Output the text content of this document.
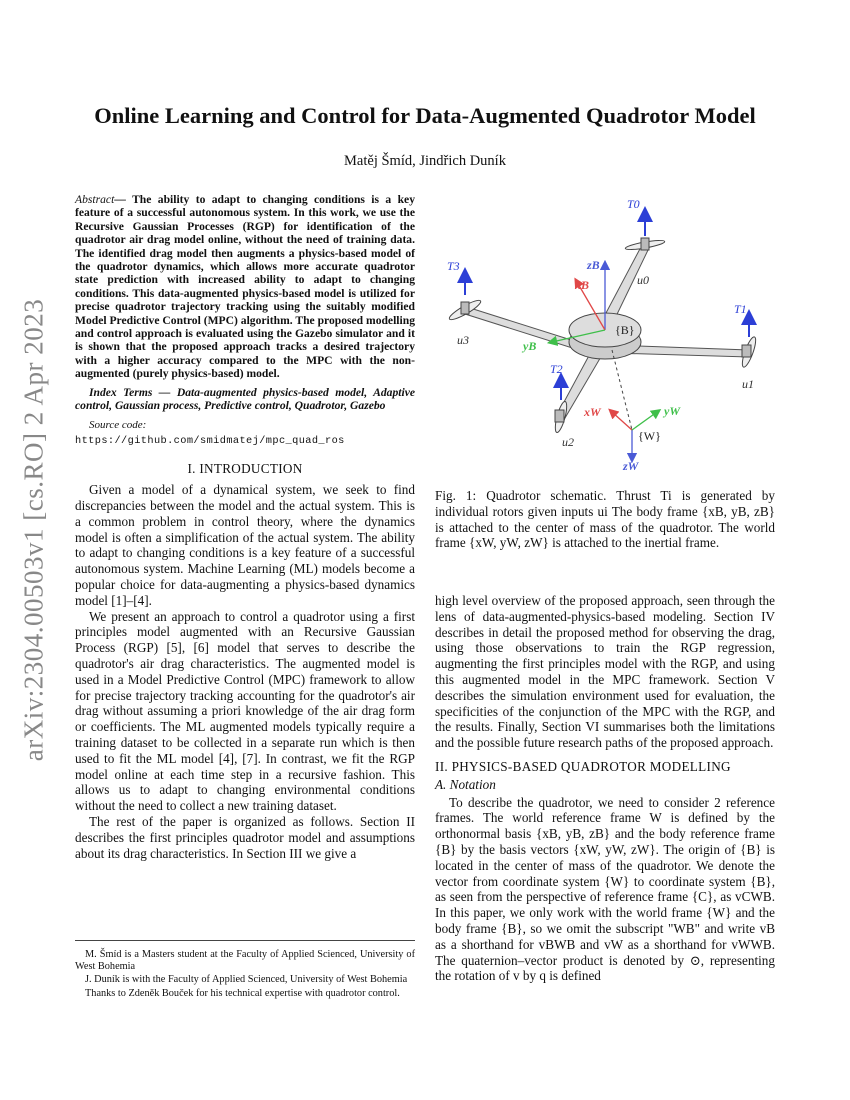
arXiv:2304.00503v1 [cs.RO] 2 Apr 2023
Online Learning and Control for Data-Augmented Quadrotor Model
Matěj Šmíd, Jindřich Duník
Abstract— The ability to adapt to changing conditions is a key feature of a successful autonomous system. In this work, we use the Recursive Gaussian Processes (RGP) for identification of the quadrotor air drag model online, without the need of training data. The identified drag model then augments a physics-based model of the quadrotor dynamics, which allows more accurate quadrotor state prediction with increased ability to adapt to changing conditions. This data-augmented physics-based model is utilized for precise quadrotor trajectory tracking using the suitably modified Model Predictive Control (MPC) algorithm. The proposed modelling and control approach is evaluated using the Gazebo simulator and it is shown that the proposed approach tracks a desired trajectory with a higher accuracy compared to the MPC with the non-augmented (purely physics-based) model.
Index Terms — Data-augmented physics-based model, Adaptive control, Gaussian process, Predictive control, Quadrotor, Gazebo
Source code: https://github.com/smidmatej/mpc_quad_ros
I. INTRODUCTION

Given a model of a dynamical system, we seek to find discrepancies between the model and the actual system. This is a common problem in control theory, where the dynamics model is often a simplification of the actual system. The ability to adapt to changing conditions is a key feature of a successful autonomous system. Machine Learning (ML) models become a popular choice for data-augmenting a physics-based dynamics model [1]–[4].

We present an approach to control a quadrotor using a first principles model augmented with an Recursive Gaussian Process (RGP) [5], [6] model that serves to describe the quadrotor's air drag characteristics. The augmented model is used in a Model Predictive Control (MPC) framework to allow for precise trajectory tracking accounting for the quadrotor's air drag without assuming a priori knowledge of the air drag form or coefficients. The ML augmented models typically require a training dataset to be collected in a separate run which is then used to fit the ML model [4], [7]. In contrast, we fit the RGP model online at each time step in a recursive fashion. This allows us to adapt to changing environmental conditions without the need to collect a new training dataset.

The rest of the paper is organized as follows. Section II describes the first principles quadrotor model and assumptions about its drag characteristics. In Section III we give a

M. Šmíd is a Masters student at the Faculty of Applied Scienced, University of West Bohemia

J. Duník is with the Faculty of Applied Scienced, University of West Bohemia

Thanks to Zdeněk Bouček for his technical expertise with quadrotor control.

T0
T1
T2
T3
u0
u1
u2
u3
zB
xB
yB
{B}
xW	yW
zW
{W}
Fig. 1: Quadrotor schematic. Thrust Ti is generated by individual rotors given inputs ui The body frame {xB, yB, zB} is attached to the center of mass of the quadrotor. The world frame {xW, yW, zW} is attached to the inertial frame.

high level overview of the proposed approach, seen through the lens of data-augmented-physics-based modeling. Section IV describes in detail the proposed method for observing the drag, using those observations to train the RGP regression, augmenting the first principles model with the RGP, and using this augmented model in the MPC framework. Section V describes the simulation environment used for evaluation, the specificities of the conjunction of the MPC with the RGP, and the results. Finally, Section VI summarises both the limitations and the possible future research paths of the proposed approach.

II. PHYSICS-BASED QUADROTOR MODELLING
A. Notation

To describe the quadrotor, we need to consider 2 reference frames. The world reference frame W is defined by the orthonormal basis {xB, yB, zB} and the body reference frame {B} by the basis vectors {xW, yW, zW}. The origin of {B} is located in the center of mass of the quadrotor. We denote the vector from coordinate system {W} to coordinate system {B}, as seen from the perspective of reference frame {C}, as vCWB. In this paper, we only work with the world frame {W} and the body frame {B}, so we omit the subscript "WB" and write vB as a shorthand for vBWB and vW as a shorthand for vWWB. The quaternion–vector product is denoted by ⊙, representing the rotation of v by q is defined
